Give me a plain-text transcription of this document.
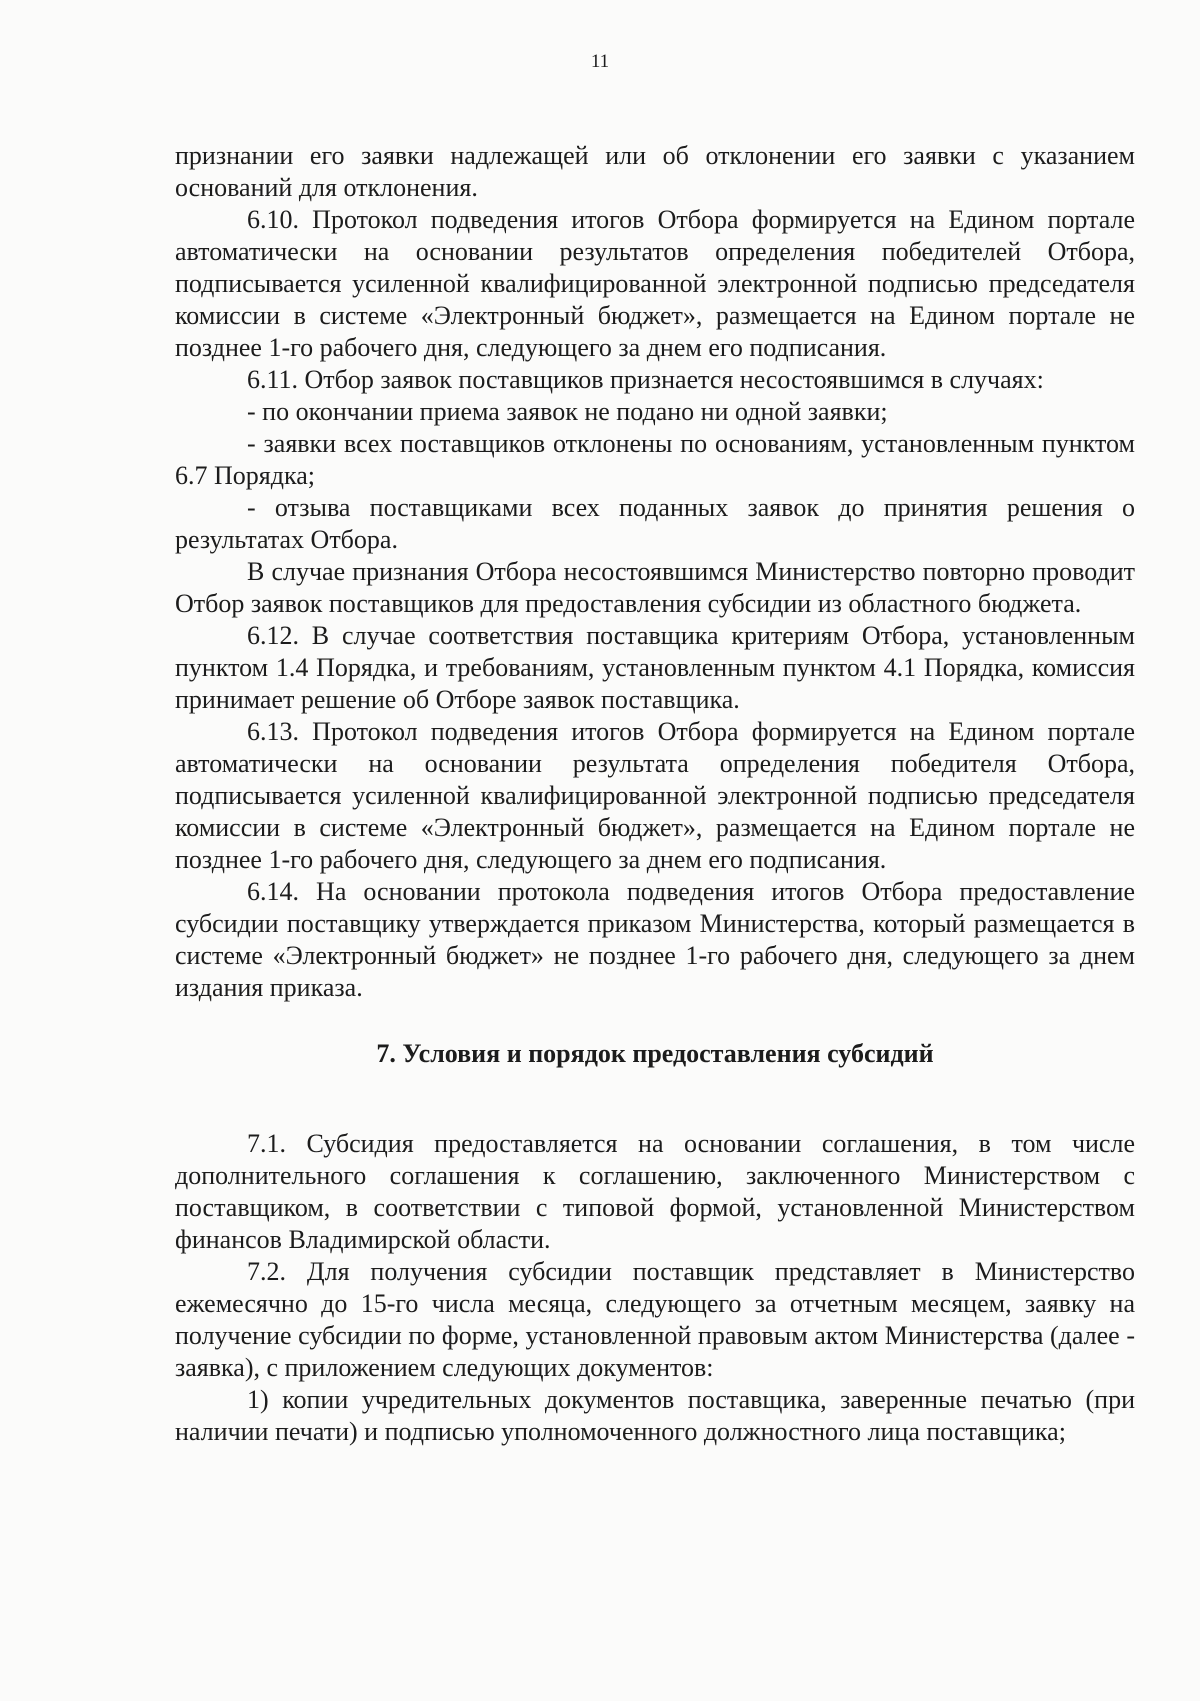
11

признании его заявки надлежащей или об отклонении его заявки с указанием оснований для отклонения.

6.10. Протокол подведения итогов Отбора формируется на Едином портале автоматически на основании результатов определения победителей Отбора, подписывается усиленной квалифицированной электронной подписью председателя комиссии в системе «Электронный бюджет», размещается на Едином портале не позднее 1-го рабочего дня, следующего за днем его подписания.

6.11. Отбор заявок поставщиков признается несостоявшимся в случаях:

- по окончании приема заявок не подано ни одной заявки;

- заявки всех поставщиков отклонены по основаниям, установленным пунктом 6.7 Порядка;

- отзыва поставщиками всех поданных заявок до принятия решения о результатах Отбора.

В случае признания Отбора несостоявшимся Министерство повторно проводит Отбор заявок поставщиков для предоставления субсидии из областного бюджета.

6.12. В случае соответствия поставщика критериям Отбора, установленным пунктом 1.4 Порядка, и требованиям, установленным пунктом 4.1 Порядка, комиссия принимает решение об Отборе заявок поставщика.

6.13. Протокол подведения итогов Отбора формируется на Едином портале автоматически на основании результата определения победителя Отбора, подписывается усиленной квалифицированной электронной подписью председателя комиссии в системе «Электронный бюджет», размещается на Едином портале не позднее 1-го рабочего дня, следующего за днем его подписания.

6.14. На основании протокола подведения итогов Отбора предоставление субсидии поставщику утверждается приказом Министерства, который размещается в системе «Электронный бюджет» не позднее 1-го рабочего дня, следующего за днем издания приказа.

7. Условия и порядок предоставления субсидий

7.1. Субсидия предоставляется на основании соглашения, в том числе дополнительного соглашения к соглашению, заключенного Министерством с поставщиком, в соответствии с типовой формой, установленной Министерством финансов Владимирской области.

7.2. Для получения субсидии поставщик представляет в Министерство ежемесячно до 15-го числа месяца, следующего за отчетным месяцем, заявку на получение субсидии по форме, установленной правовым актом Министерства (далее - заявка), с приложением следующих документов:

1) копии учредительных документов поставщика, заверенные печатью (при наличии печати) и подписью уполномоченного должностного лица поставщика;
